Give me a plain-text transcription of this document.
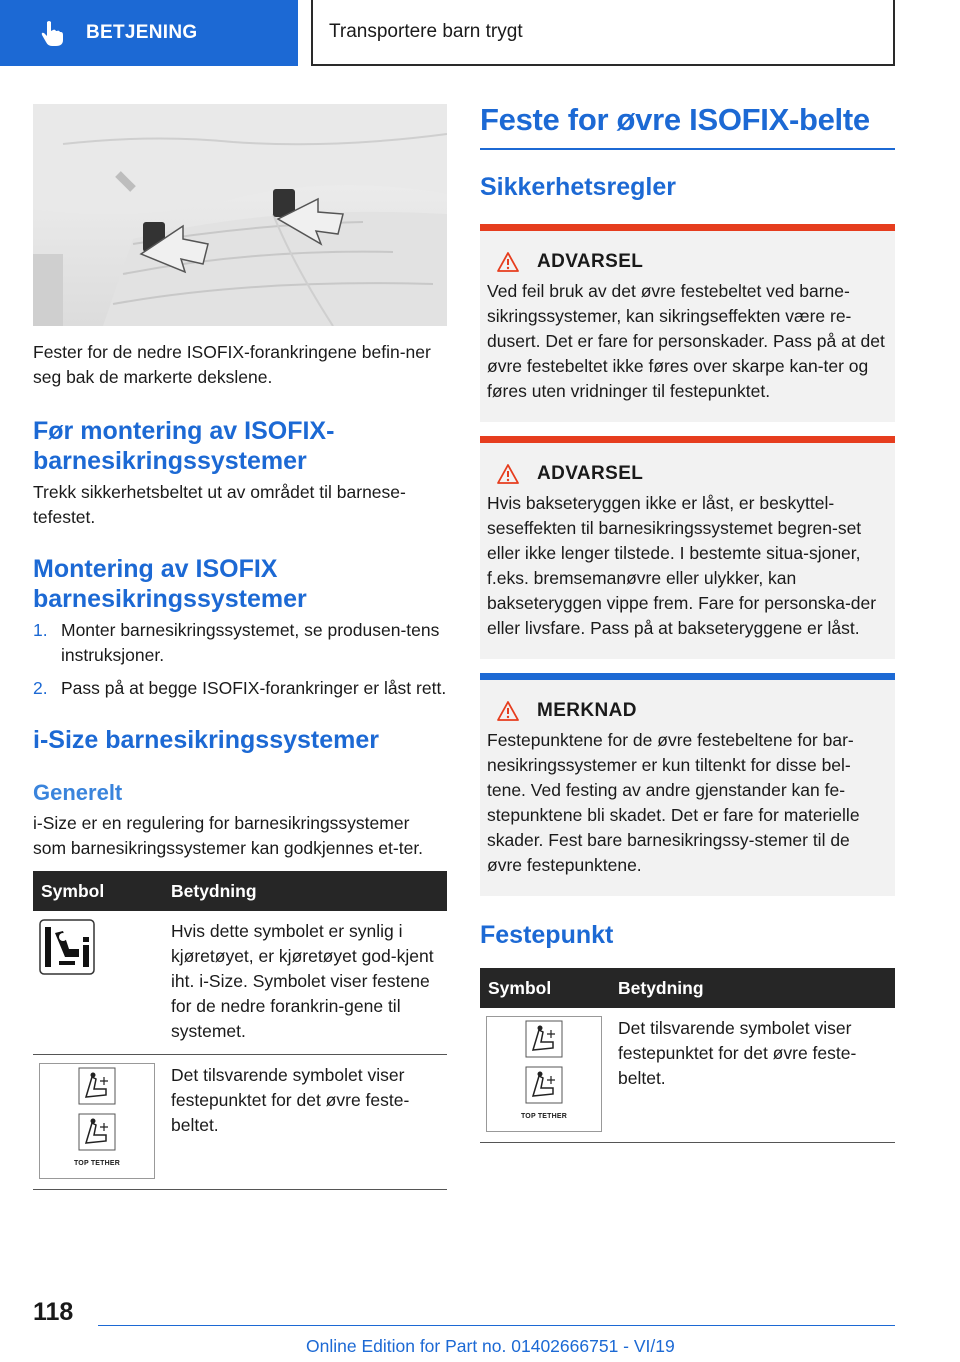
BETJENING	Transportere barn trygt

Fester for de nedre ISOFIX-forankringene befin-ner seg bak de markerte dekslene.

Før montering av ISOFIX-barnesikringssystemer

Trekk sikkerhetsbeltet ut av området til barnese-tefestet.

Montering av ISOFIX barnesikringssystemer
1. Monter barnesikringssystemet, se produsen-tens instruksjoner.
2. Pass på at begge ISOFIX-forankringer er låst rett.
i-Size barnesikringssystemer
Generelt

i-Size er en regulering for barnesikringssystemer som barnesikringssystemer kan godkjennes et-ter.

Symbol	Betydning
	Hvis dette symbolet er synlig i kjøretøyet, er kjøretøyet god-kjent iht. i-Size. Symbolet viser festene for de nedre forankrin-gene til systemet.

TOP TETHER	Det tilsvarende symbolet viser festepunktet for det øvre feste-beltet.
Feste for øvre ISOFIX-belte
Sikkerhetsregler
ADVARSEL

Ved feil bruk av det øvre festebeltet ved barne-sikringssystemer, kan sikringseffekten være re-dusert. Det er fare for personskader. Pass på at det øvre festebeltet ikke føres over skarpe kan-ter og føres uten vridninger til festepunktet.

ADVARSEL

Hvis bakseteryggen ikke er låst, er beskyttel-seseffekten til barnesikringssystemet begren-set eller ikke lenger tilstede. I bestemte situa-sjoner, f.eks. bremsemanøvre eller ulykker, kan bakseteryggen vippe frem. Fare for personska-der eller livsfare. Pass på at bakseteryggene er låst.

MERKNAD

Festepunktene for de øvre festebeltene for bar-nesikringssystemer er kun tiltenkt for disse bel-tene. Ved festing av andre gjenstander kan fe-stepunktene bli skadet. Det er fare for materielle skader. Fest bare barnesikringssy-stemer til de øvre festepunktene.

Festepunkt
Symbol	Betydning

TOP TETHER	Det tilsvarende symbolet viser festepunktet for det øvre feste-beltet.
118
Online Edition for Part no. 01402666751 - VI/19
